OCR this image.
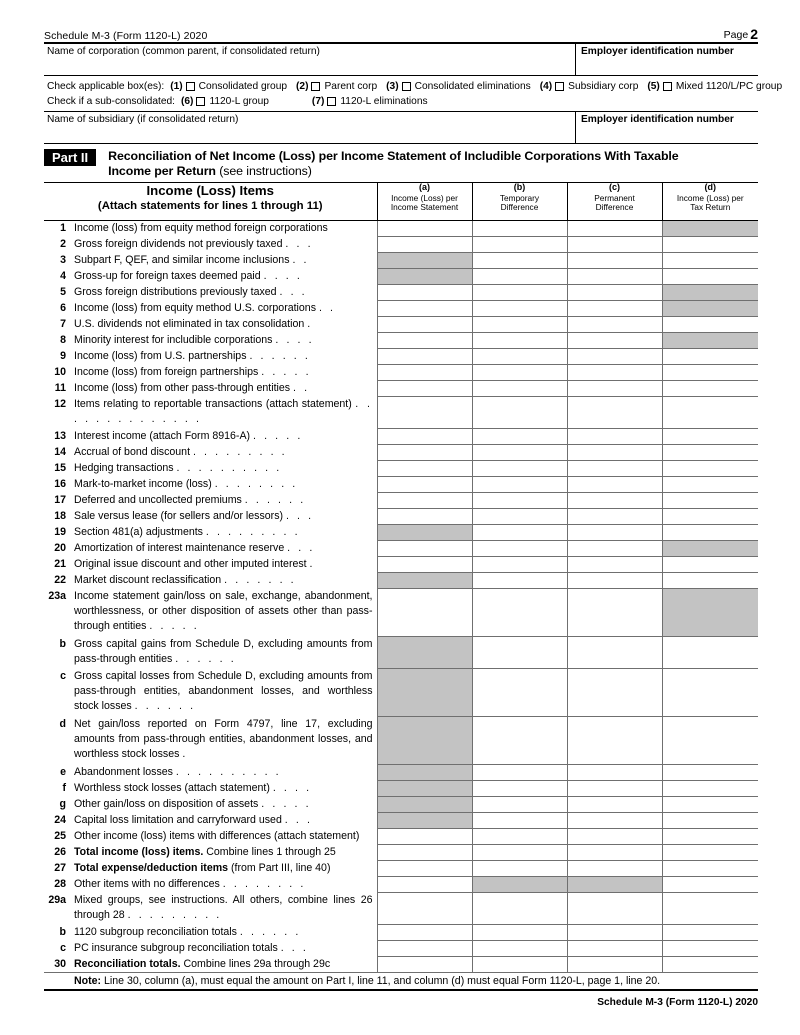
Schedule M-3 (Form 1120-L) 2020	Page 2
Name of corporation (common parent, if consolidated return)	Employer identification number
Check applicable box(es): (1) Consolidated group (2) Parent corp (3) Consolidated eliminations (4) Subsidiary corp (5) Mixed 1120/L/PC group
Check if a sub-consolidated: (6) 1120-L group	(7) 1120-L eliminations
Name of subsidiary (if consolidated return)	Employer identification number
Part II	Reconciliation of Net Income (Loss) per Income Statement of Includible Corporations With Taxable
Income per Return (see instructions)
Income (Loss) Items
(Attach statements for lines 1 through 11)

(a)
Income (Loss) per
Income Statement	
(b)
Temporary
Difference	
(c)
Permanent
Difference	
(d)
Income (Loss) per
Tax Return

1 Income (loss) from equity method foreign corporations				

2 Gross foreign dividends not previously taxed . . .				

3 Subpart F, QEF, and similar income inclusions . .				

4 Gross-up for foreign taxes deemed paid . . . .				

5 Gross foreign distributions previously taxed . . .				

6 Income (loss) from equity method U.S. corporations . .				

7 U.S. dividends not eliminated in tax consolidation .				

8 Minority interest for includible corporations . . . .				

9 Income (loss) from U.S. partnerships . . . . . .				

10 Income (loss) from foreign partnerships . . . . .				

11 Income (loss) from other pass-through entities . .				

12 Items relating to reportable transactions (attach statement) . . . . . . . . . . . . . .				

13 Interest income (attach Form 8916-A) . . . . .				

14 Accrual of bond discount . . . . . . . . .				

15 Hedging transactions . . . . . . . . . .				

16 Mark-to-market income (loss) . . . . . . . .				

17 Deferred and uncollected premiums . . . . . .				

18 Sale versus lease (for sellers and/or lessors) . . .				

19 Section 481(a) adjustments . . . . . . . . .				

20 Amortization of interest maintenance reserve . . .				

21 Original issue discount and other imputed interest .				

22 Market discount reclassification . . . . . . .				

23a Income statement gain/loss on sale, exchange, abandonment, worthlessness, or other disposition of assets other than pass-through entities . . . . .				

b Gross capital gains from Schedule D, excluding amounts from pass-through entities . . . . . .				

c Gross capital losses from Schedule D, excluding amounts from pass-through entities, abandonment losses, and worthless stock losses . . . . . .				

d Net gain/loss reported on Form 4797, line 17, excluding amounts from pass-through entities, abandonment losses, and worthless stock losses .				

e Abandonment losses . . . . . . . . . .				

f Worthless stock losses (attach statement) . . . .				

g Other gain/loss on disposition of assets . . . . .				

24 Capital loss limitation and carryforward used . . .				

25 Other income (loss) items with differences (attach statement)				

26 Total income (loss) items. Combine lines 1 through 25				

27 Total expense/deduction items (from Part III, line 40)				

28 Other items with no differences . . . . . . . .				

29a Mixed groups, see instructions. All others, combine lines 26 through 28 . . . . . . . . .				

b 1120 subgroup reconciliation totals . . . . . .				

c PC insurance subgroup reconciliation totals . . .				

30 Reconciliation totals. Combine lines 29a through 29c				

Note: Line 30, column (a), must equal the amount on Part I, line 11, and column (d) must equal Form 1120-L, page 1, line 20.				
Schedule M-3 (Form 1120-L) 2020
